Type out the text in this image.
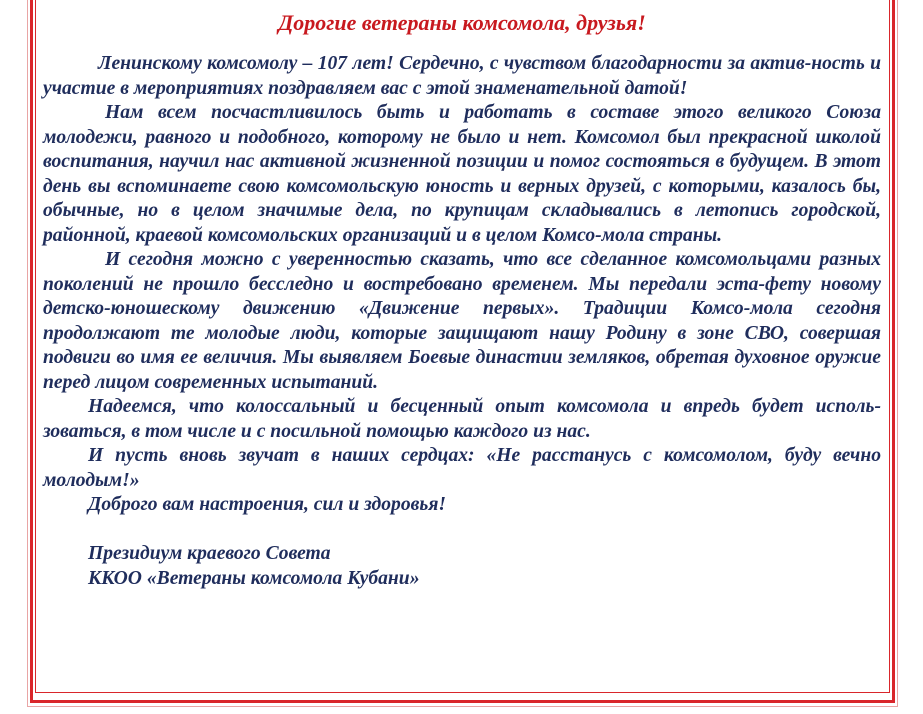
Дорогие ветераны комсомола, друзья!

Ленинскому комсомолу – 107 лет! Сердечно, с чувством благодарности за актив-ность и участие в мероприятиях поздравляем вас с этой знаменательной датой!

Нам всем посчастливилось быть и работать в составе этого великого Союза молодежи, равного и подобного, которому не было и нет. Комсомол был прекрасной школой воспитания, научил нас активной жизненной позиции и помог состояться в будущем. В этот день вы вспоминаете свою комсомольскую юность и верных друзей, с которыми, казалось бы, обычные, но в целом значимые дела, по крупицам складывались в летопись городской, районной, краевой комсомольских организаций и в целом Комсо-мола страны.

И сегодня можно с уверенностью сказать, что все сделанное комсомольцами разных поколений не прошло бесследно и востребовано временем. Мы передали эста-фету новому детско-юношескому движению «Движение первых». Традиции Комсо-мола сегодня продолжают те молодые люди, которые защищают нашу Родину в зоне СВО, совершая подвиги во имя ее величия. Мы выявляем Боевые династии земляков, обретая духовное оружие перед лицом современных испытаний.

Надеемся, что колоссальный и бесценный опыт комсомола и впредь будет исполь-зоваться, в том числе и с посильной помощью каждого из нас.

И пусть вновь звучат в наших сердцах: «Не расстанусь с комсомолом, буду вечно молодым!»

Доброго вам настроения, сил и здоровья!

Президиум краевого Совета
ККОО «Ветераны комсомола Кубани»
